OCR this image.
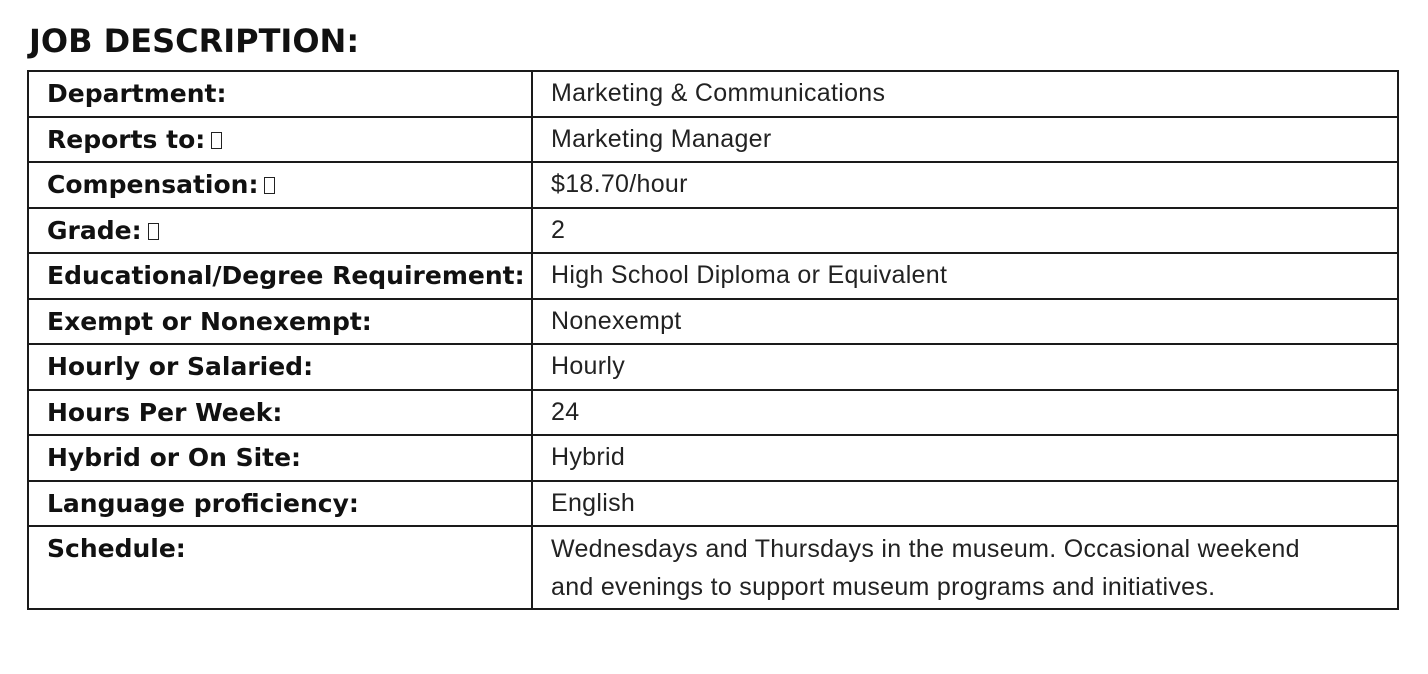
JOB DESCRIPTION:
Department:	Marketing & Communications
Reports to:	Marketing Manager
Compensation:	$18.70/hour
Grade:	2
Educational/Degree Requirement:	High School Diploma or Equivalent
Exempt or Nonexempt:	Nonexempt
Hourly or Salaried:	Hourly
Hours Per Week:	24
Hybrid or On Site:	Hybrid
Language proficiency:	English
Schedule:	Wednesdays and Thursdays in the museum. Occasional weekend and evenings to support museum programs and initiatives.
